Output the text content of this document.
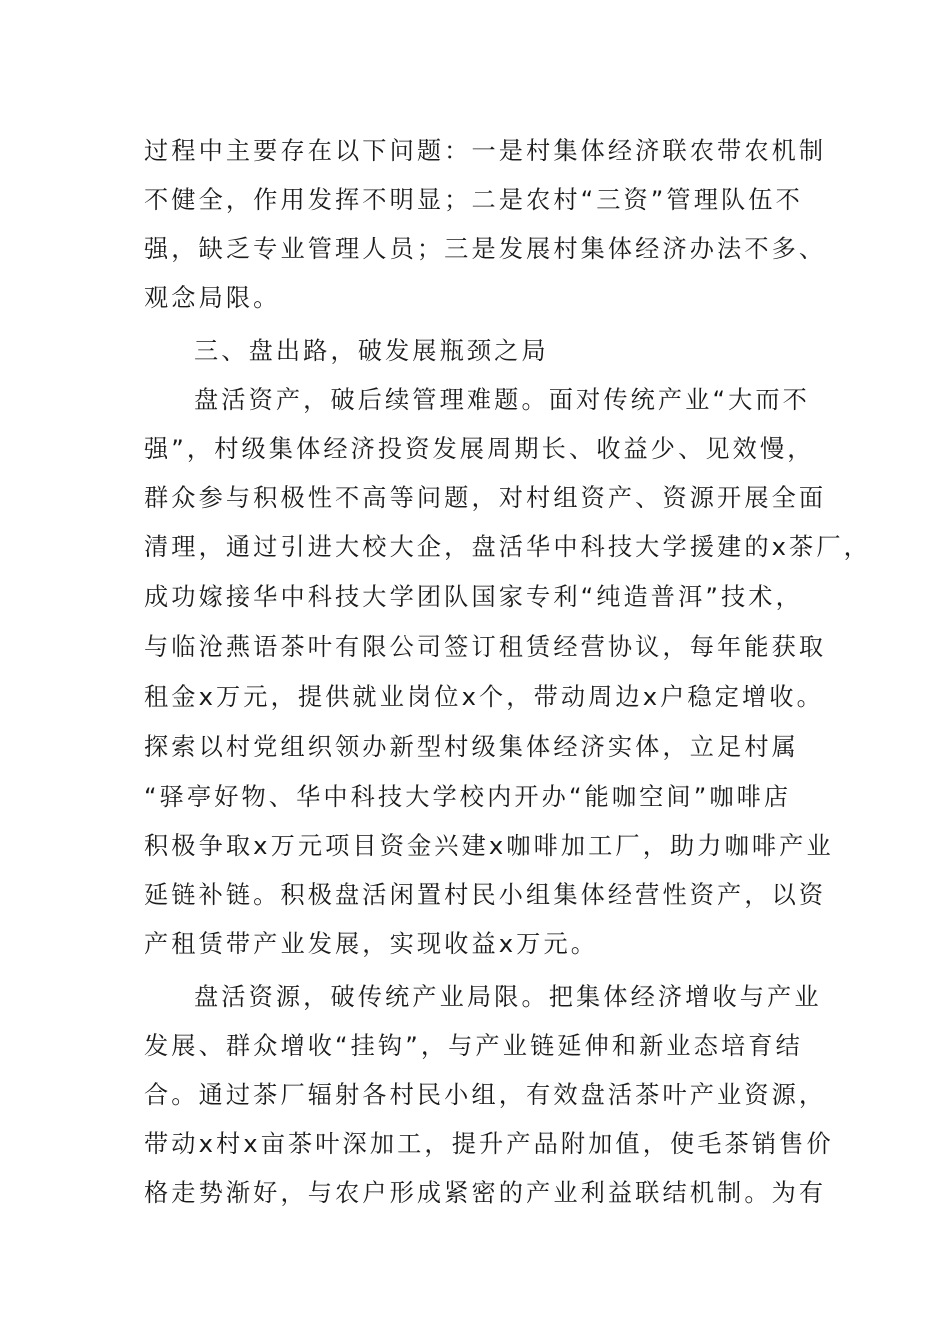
过程中主要存在以下问题：一是村集体经济联农带农机制
不健全，作用发挥不明显；二是农村“三资”管理队伍不
强，缺乏专业管理人员；三是发展村集体经济办法不多、
观念局限。
三、盘出路，破发展瓶颈之局
盘活资产，破后续管理难题。面对传统产业“大而不
强”，村级集体经济投资发展周期长、收益少、见效慢，
群众参与积极性不高等问题，对村组资产、资源开展全面
清理，通过引进大校大企，盘活华中科技大学援建的x茶厂，
成功嫁接华中科技大学团队国家专利“纯造普洱”技术，
与临沧燕语茶叶有限公司签订租赁经营协议，每年能获取
租金x万元，提供就业岗位x个，带动周边x户稳定增收。
探索以村党组织领办新型村级集体经济实体，立足村属
“驿亭好物、华中科技大学校内开办“能咖空间”咖啡店
积极争取x万元项目资金兴建x咖啡加工厂，助力咖啡产业
延链补链。积极盘活闲置村民小组集体经营性资产，以资
产租赁带产业发展，实现收益x万元。
盘活资源，破传统产业局限。把集体经济增收与产业
发展、群众增收“挂钩”，与产业链延伸和新业态培育结
合。通过茶厂辐射各村民小组，有效盘活茶叶产业资源，
带动x村x亩茶叶深加工，提升产品附加值，使毛茶销售价
格走势渐好，与农户形成紧密的产业利益联结机制。为有
